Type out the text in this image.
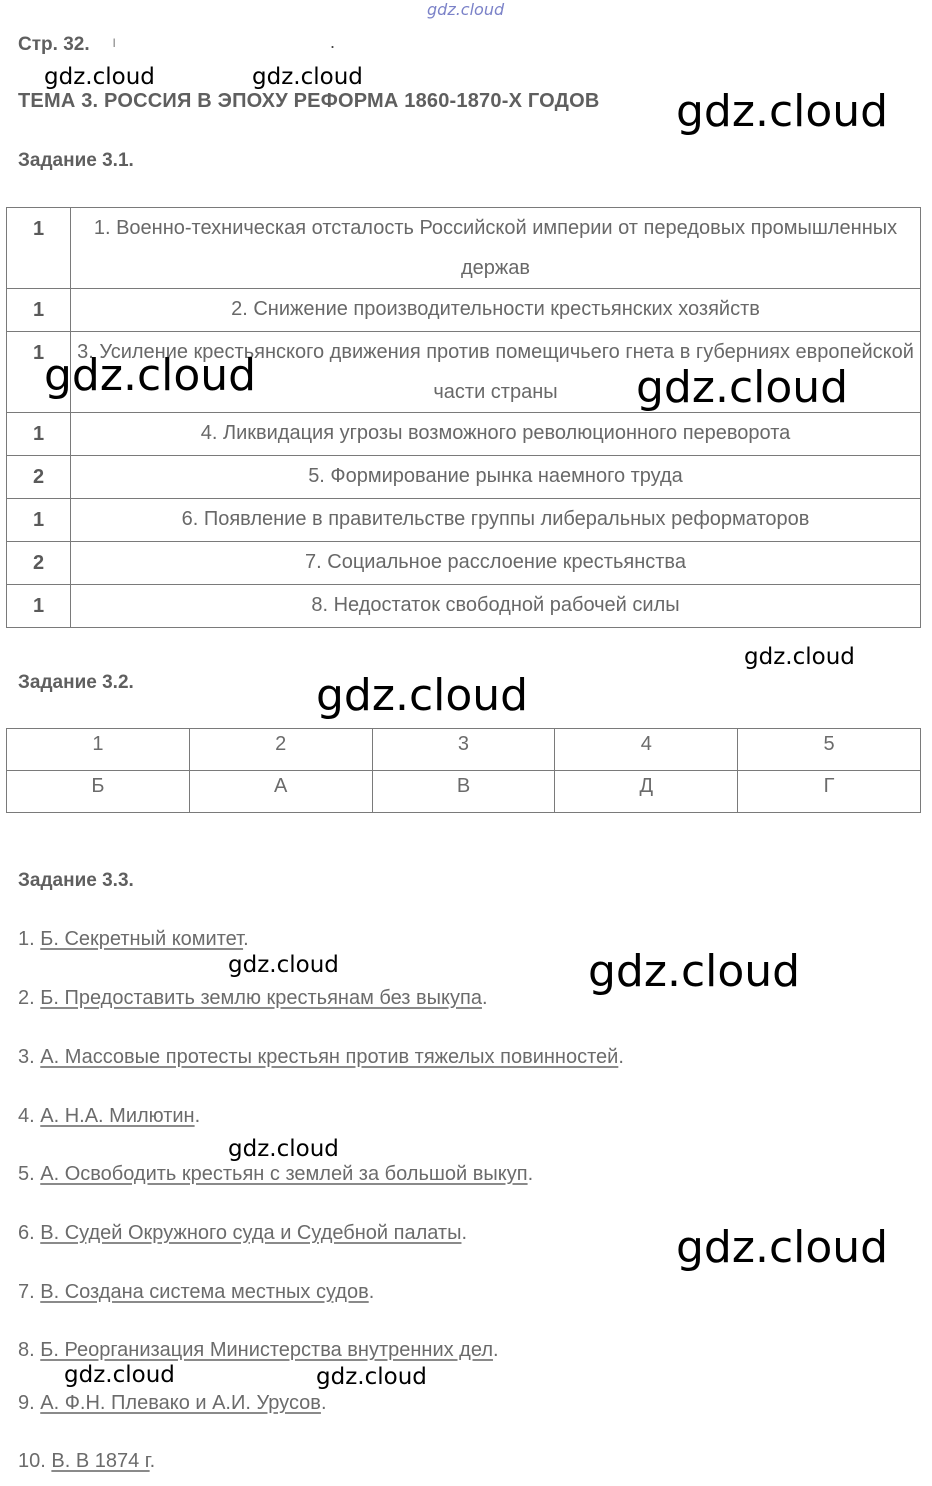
gdz.cloud
ı	.
Стр. 32.
ТЕМА 3. РОССИЯ В ЭПОХУ РЕФОРМА 1860-1870-Х ГОДОВ
Задание 3.1.
1	1. Военно-техническая отсталость Российской империи от передовых промышленных держав
1	2. Снижение производительности крестьянских хозяйств
1	3. Усиление крестьянского движения против помещичьего гнета в губерниях европейской части страны
1	4. Ликвидация угрозы возможного революционного переворота
2	5. Формирование рынка наемного труда
1	6. Появление в правительстве группы либеральных реформаторов
2	7. Социальное расслоение крестьянства
1	8. Недостаток свободной рабочей силы
Задание 3.2.
1	2	3	4	5
Б	А	В	Д	Г
Задание 3.3.
1. Б. Секретный комитет.
2. Б. Предоставить землю крестьянам без выкупа.
3. А. Массовые протесты крестьян против тяжелых повинностей.
4. А. Н.А. Милютин.
5. А. Освободить крестьян с землей за большой выкуп.
6. В. Судей Окружного суда и Судебной палаты.
7. В. Создана система местных судов.
8. Б. Реорганизация Министерства внутренних дел.
9. А. Ф.Н. Плевако и А.И. Урусов.
10. В. В 1874 г.
gdz.cloud	gdz.cloud
gdz.cloud
gdz.cloud	gdz.cloud
gdz.cloud
gdz.cloud
gdz.cloud	gdz.cloud
gdz.cloud
gdz.cloud
gdz.cloud	gdz.cloud
